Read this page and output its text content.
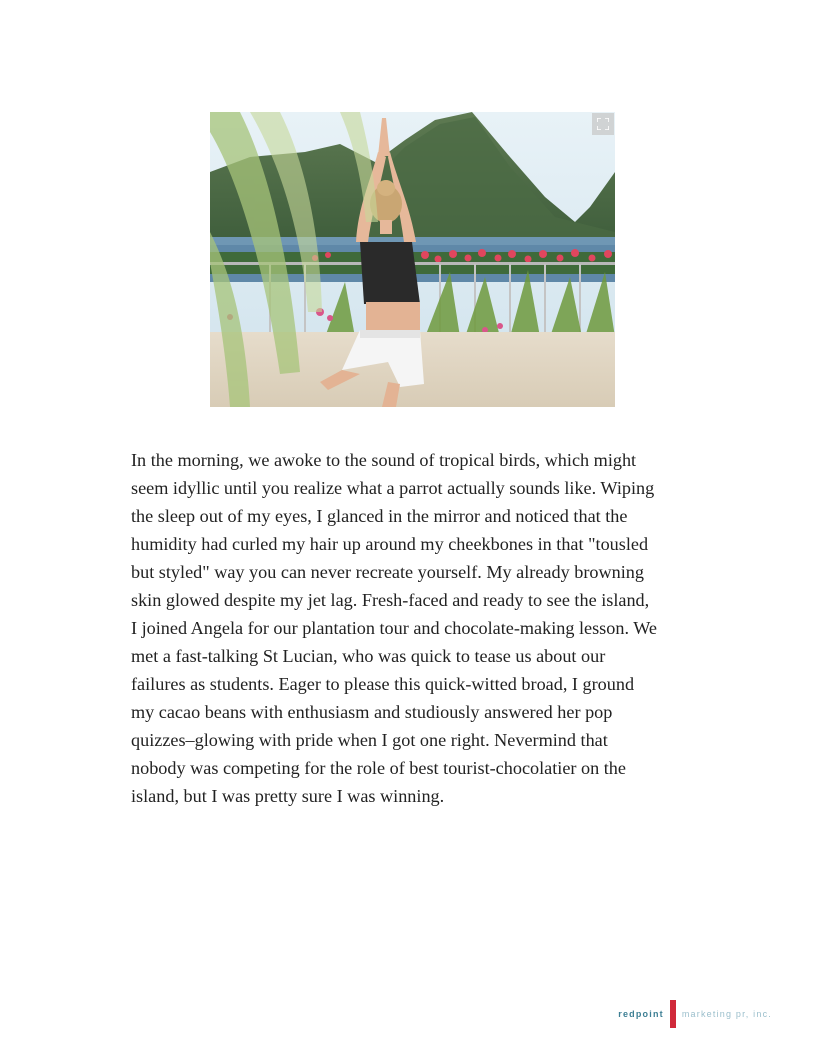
In the morning, we awoke to the sound of tropical birds, which might
seem idyllic until you realize what a parrot actually sounds like. Wiping
the sleep out of my eyes, I glanced in the mirror and noticed that the
humidity had curled my hair up around my cheekbones in that "tousled
but styled" way you can never recreate yourself. My already browning
skin glowed despite my jet lag. Fresh-faced and ready to see the island,
I joined Angela for our plantation tour and chocolate-making lesson. We
met a fast-talking St Lucian, who was quick to tease us about our
failures as students. Eager to please this quick-witted broad, I ground
my cacao beans with enthusiasm and studiously answered her pop
quizzes–glowing with pride when I got one right. Nevermind that
nobody was competing for the role of best tourist-chocolatier on the
island, but I was pretty sure I was winning.

redpoint marketing pr, inc.
